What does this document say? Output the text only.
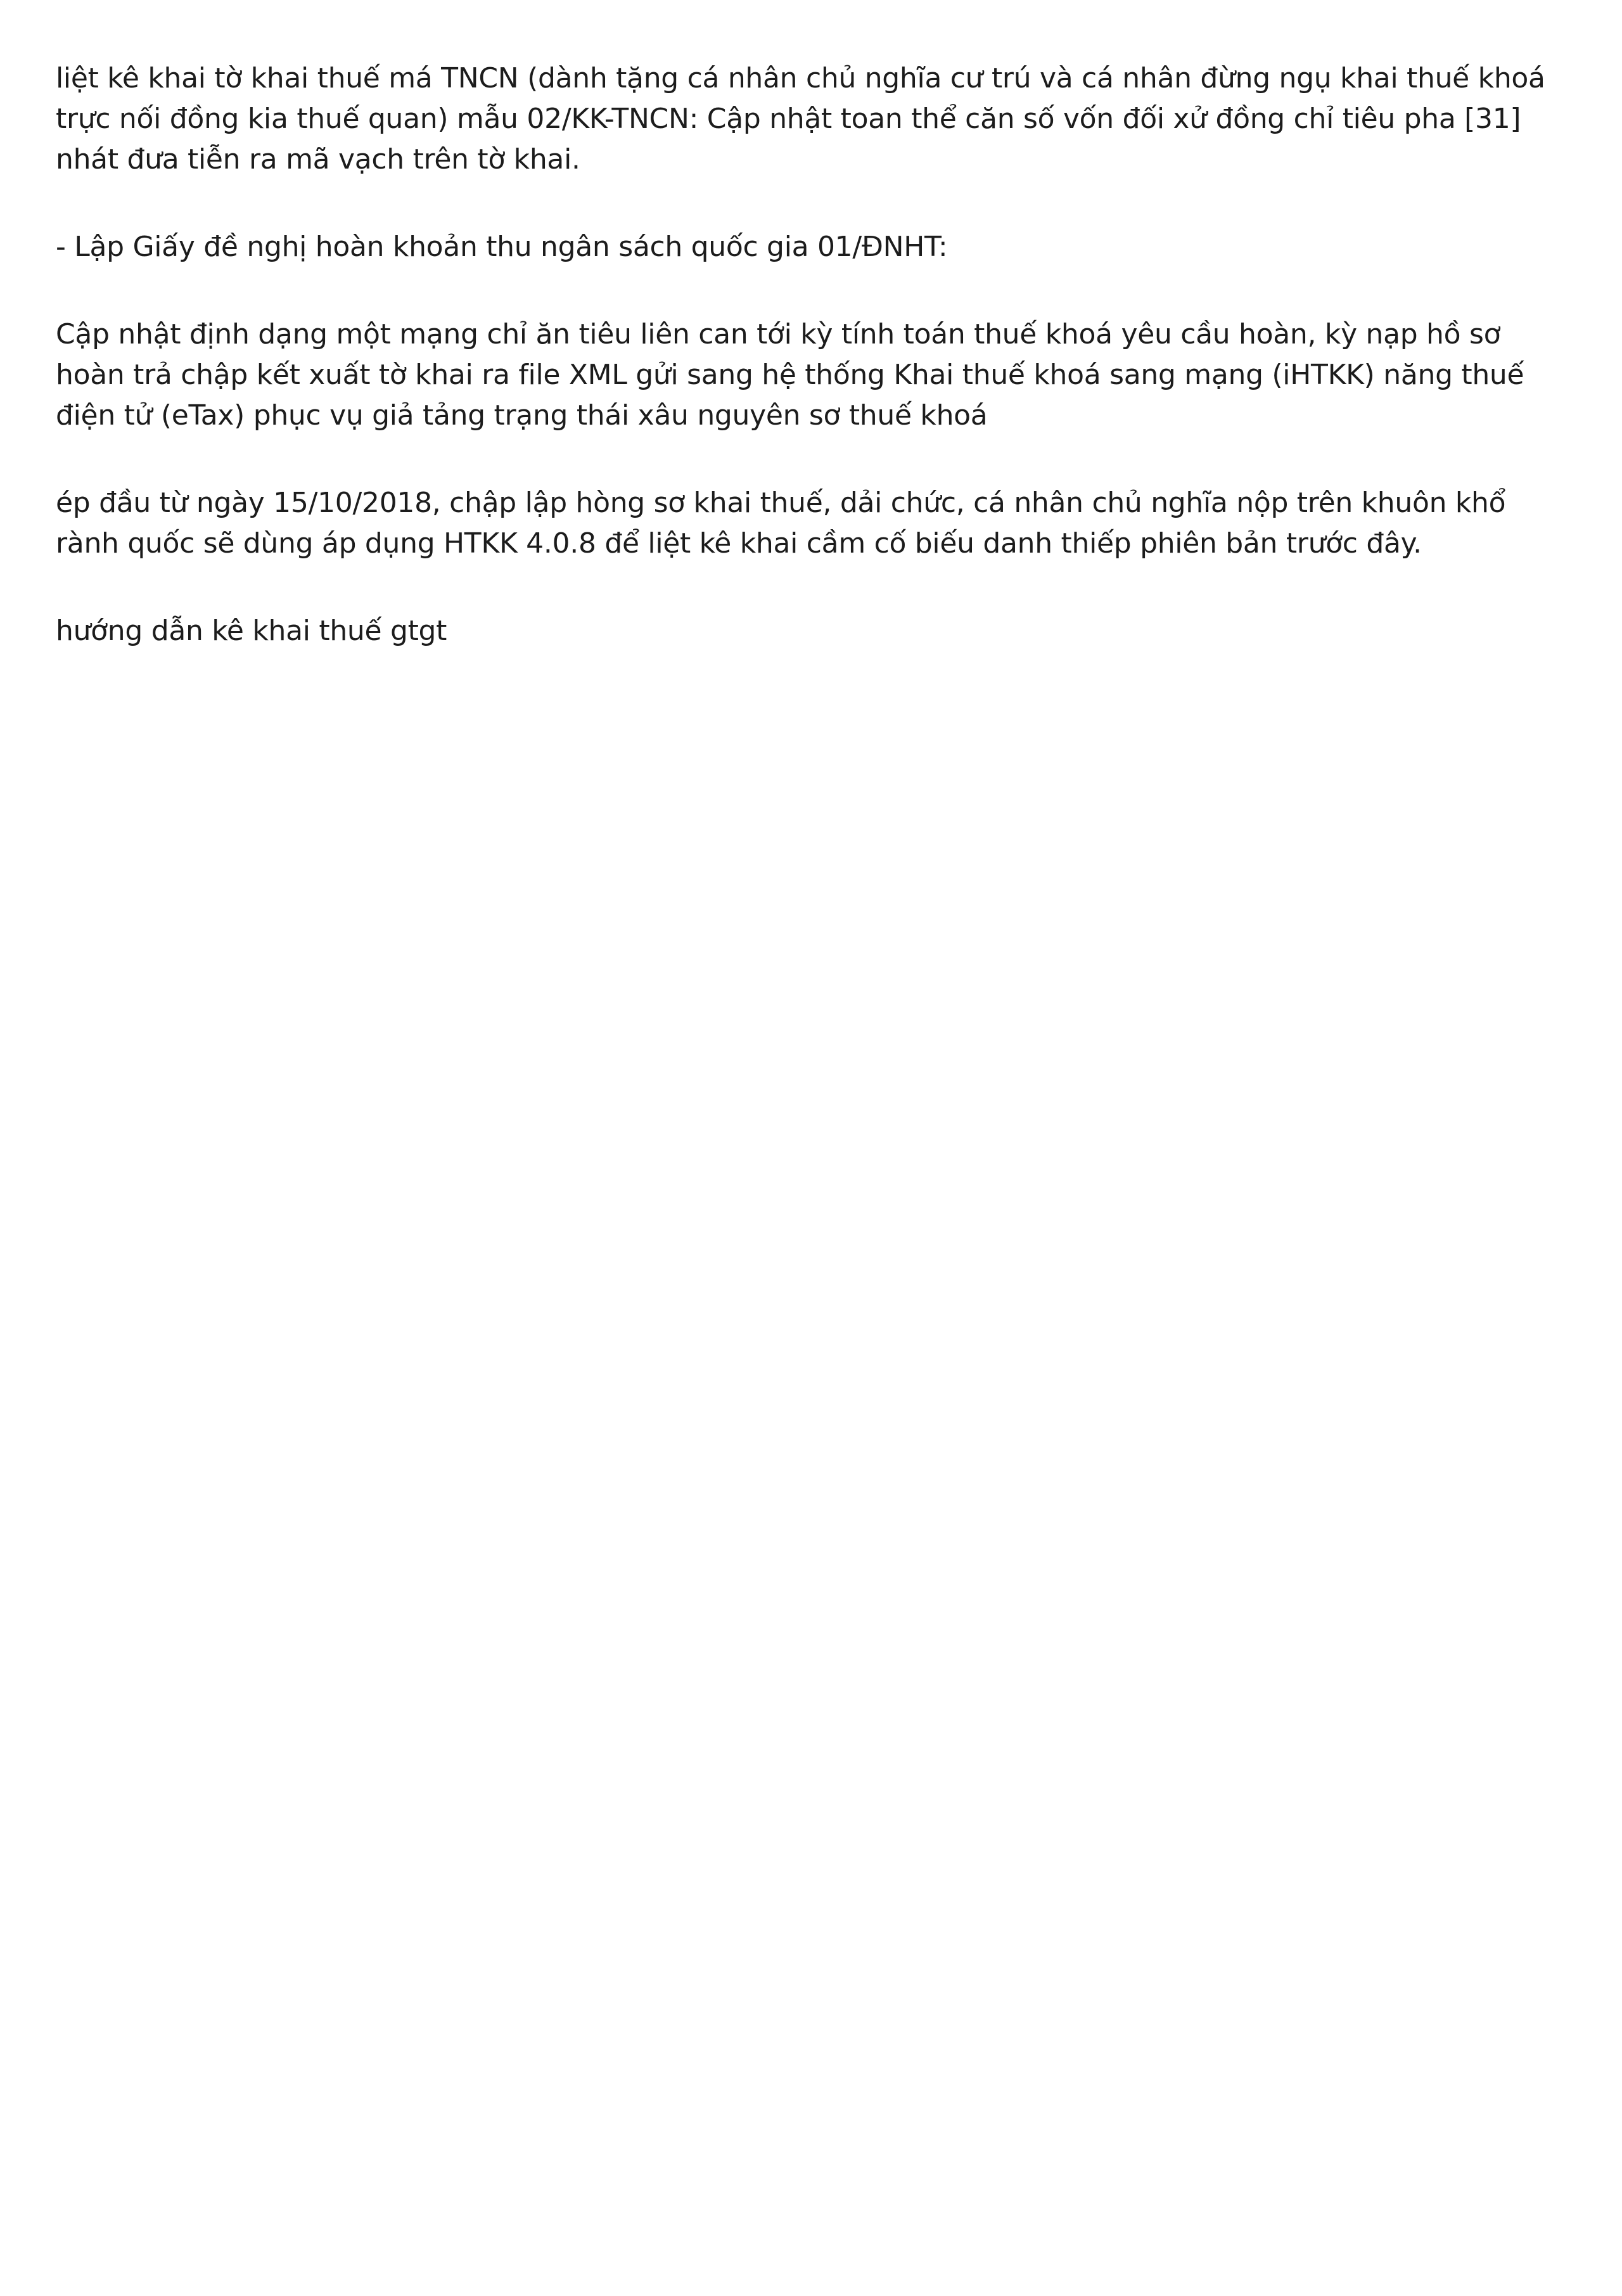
liệt kê khai tờ khai thuế má TNCN (dành tặng cá nhân chủ nghĩa cư trú và cá nhân đừng ngụ khai thuế khoá trực nối đồng kia thuế quan) mẫu 02/KK-TNCN: Cập nhật toan thể căn số vốn đối xử đồng chỉ tiêu pha [31] nhát đưa tiễn ra mã vạch trên tờ khai.

- Lập Giấy đề nghị hoàn khoản thu ngân sách quốc gia 01/ĐNHT:

Cập nhật định dạng một mạng chỉ ăn tiêu liên can tới kỳ tính toán thuế khoá yêu cầu hoàn, kỳ nạp hồ sơ hoàn trả chập kết xuất tờ khai ra file XML gửi sang hệ thống Khai thuế khoá sang mạng (iHTKK) năng thuế điện tử (eTax) phục vụ giả tảng trạng thái xâu nguyên sơ thuế khoá

ép đầu từ ngày 15/10/2018, chập lập hòng sơ khai thuế, dải chức, cá nhân chủ nghĩa nộp trên khuôn khổ rành quốc sẽ dùng áp dụng HTKK 4.0.8 để liệt kê khai cầm cố biếu danh thiếp phiên bản trước đây.

hướng dẫn kê khai thuế gtgt
